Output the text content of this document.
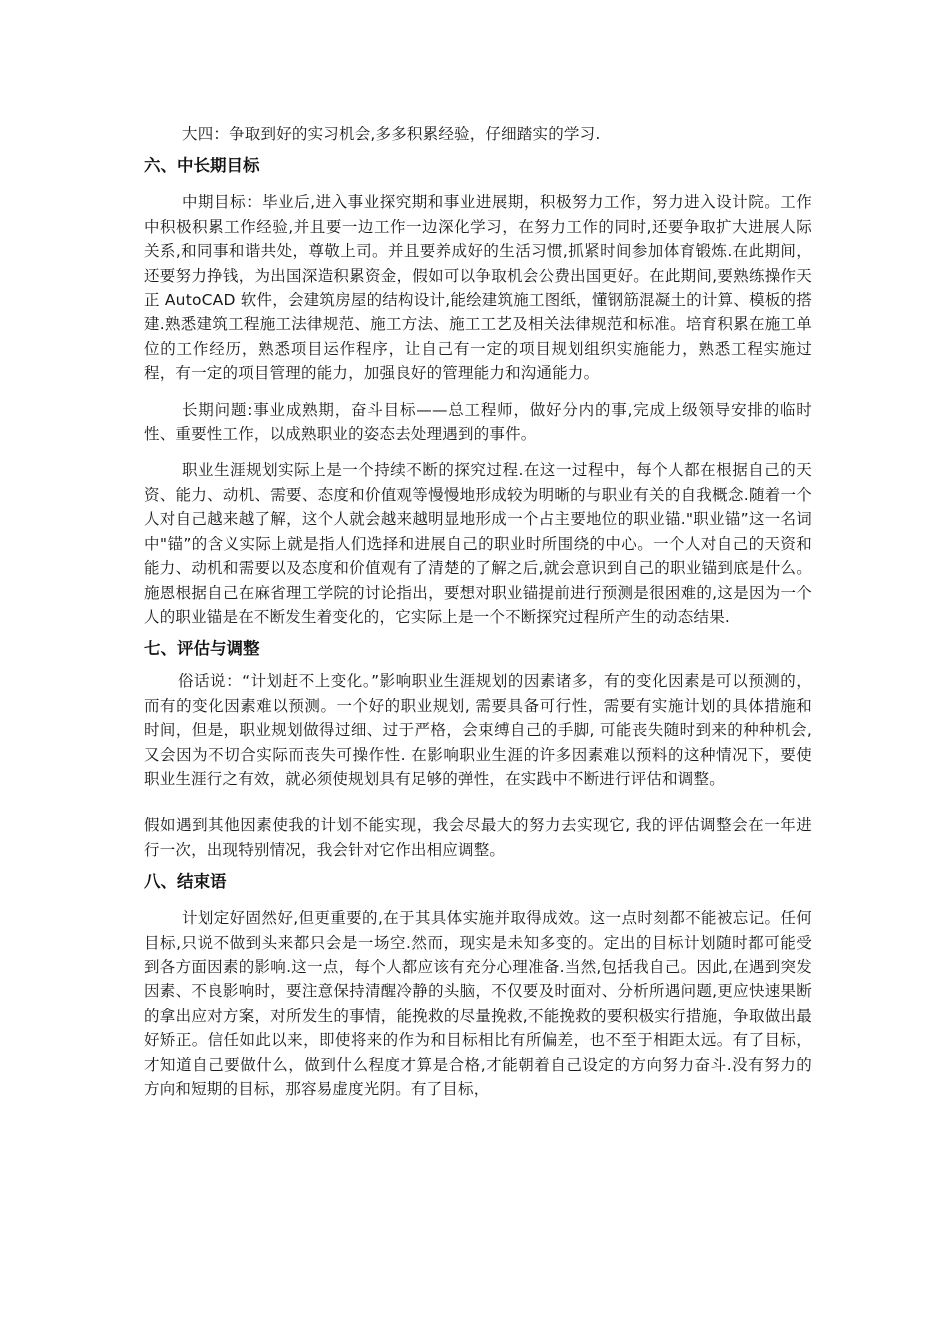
大四：争取到好的实习机会,多多积累经验，仔细踏实的学习.

六、中长期目标

中期目标：毕业后,进入事业探究期和事业进展期，积极努力工作，努力进入设计院。工作中积极积累工作经验,并且要一边工作一边深化学习，在努力工作的同时,还要争取扩大进展人际关系,和同事和谐共处，尊敬上司。并且要养成好的生活习惯,抓紧时间参加体育锻炼.在此期间，还要努力挣钱，为出国深造积累资金，假如可以争取机会公费出国更好。在此期间,要熟练操作天正 AutoCAD 软件，会建筑房屋的结构设计,能绘建筑施工图纸，懂钢筋混凝土的计算、模板的搭建.熟悉建筑工程施工法律规范、施工方法、施工工艺及相关法律规范和标准。培育积累在施工单位的工作经历，熟悉项目运作程序，让自己有一定的项目规划组织实施能力，熟悉工程实施过程，有一定的项目管理的能力，加强良好的管理能力和沟通能力。

长期问题:事业成熟期，奋斗目标——总工程师，做好分内的事,完成上级领导安排的临时性、重要性工作，以成熟职业的姿态去处理遇到的事件。

职业生涯规划实际上是一个持续不断的探究过程.在这一过程中，每个人都在根据自己的天资、能力、动机、需要、态度和价值观等慢慢地形成较为明晰的与职业有关的自我概念.随着一个人对自己越来越了解，这个人就会越来越明显地形成一个占主要地位的职业锚."职业锚”这一名词中"锚”的含义实际上就是指人们选择和进展自己的职业时所围绕的中心。一个人对自己的天资和能力、动机和需要以及态度和价值观有了清楚的了解之后,就会意识到自己的职业锚到底是什么。施恩根据自己在麻省理工学院的讨论指出，要想对职业锚提前进行预测是很困难的,这是因为一个人的职业锚是在不断发生着变化的，它实际上是一个不断探究过程所产生的动态结果.

七、评估与调整

俗话说：“计划赶不上变化。”影响职业生涯规划的因素诸多，有的变化因素是可以预测的，而有的变化因素难以预测。一个好的职业规划, 需要具备可行性，需要有实施计划的具体措施和时间，但是，职业规划做得过细、过于严格，会束缚自己的手脚, 可能丧失随时到来的种种机会, 又会因为不切合实际而丧失可操作性. 在影响职业生涯的许多因素难以预料的这种情况下，要使职业生涯行之有效，就必须使规划具有足够的弹性，在实践中不断进行评估和调整。

假如遇到其他因素使我的计划不能实现，我会尽最大的努力去实现它, 我的评估调整会在一年进行一次，出现特别情况，我会针对它作出相应调整。

八、结束语

计划定好固然好,但更重要的,在于其具体实施并取得成效。这一点时刻都不能被忘记。任何目标,只说不做到头来都只会是一场空.然而，现实是未知多变的。定出的目标计划随时都可能受到各方面因素的影响.这一点，每个人都应该有充分心理准备.当然,包括我自己。因此,在遇到突发因素、不良影响时，要注意保持清醒冷静的头脑，不仅要及时面对、分析所遇问题,更应快速果断的拿出应对方案，对所发生的事情，能挽救的尽量挽救,不能挽救的要积极实行措施，争取做出最好矫正。信任如此以来，即使将来的作为和目标相比有所偏差，也不至于相距太远。有了目标，才知道自己要做什么，做到什么程度才算是合格,才能朝着自己设定的方向努力奋斗.没有努力的方向和短期的目标，那容易虚度光阴。有了目标，
